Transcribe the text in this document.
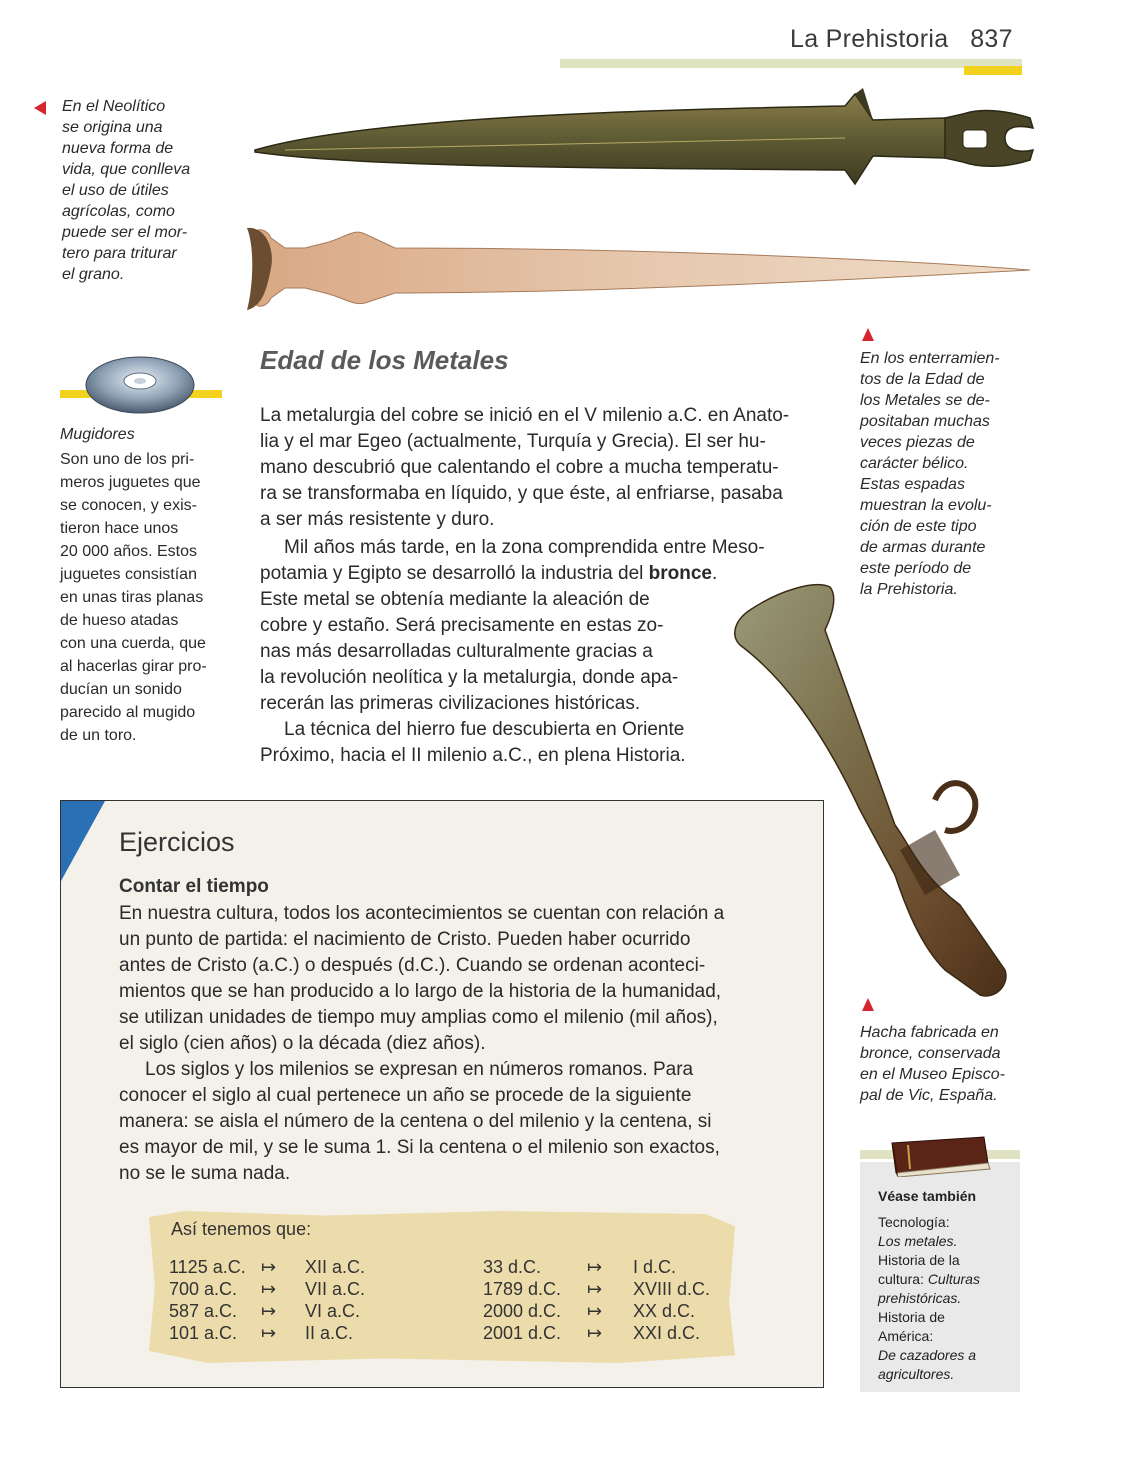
La Prehistoria 837
En el Neolítico
se origina una
nueva forma de
vida, que conlleva
el uso de útiles
agrícolas, como
puede ser el mor-
tero para triturar
el grano.
En los enterramien-
tos de la Edad de
los Metales se de-
positaban muchas
veces piezas de
carácter bélico.
Estas espadas
muestran la evolu-
ción de este tipo
de armas durante
este período de
la Prehistoria.
Mugidores
Son uno de los pri-
meros juguetes que
se conocen, y exis-
tieron hace unos
20 000 años. Estos
juguetes consistían
en unas tiras planas
de hueso atadas
con una cuerda, que
al hacerlas girar pro-
ducían un sonido
parecido al mugido
de un toro.
Edad de los Metales
La metalurgia del cobre se inició en el V milenio a.C. en Anato-
lia y el mar Egeo (actualmente, Turquía y Grecia). El ser hu-
mano descubrió que calentando el cobre a mucha temperatu-
ra se transformaba en líquido, y que éste, al enfriarse, pasaba
a ser más resistente y duro.
Mil años más tarde, en la zona comprendida entre Meso-
potamia y Egipto se desarrolló la industria del bronce.
Este metal se obtenía mediante la aleación de
cobre y estaño. Será precisamente en estas zo-
nas más desarrolladas culturalmente gracias a
la revolución neolítica y la metalurgia, donde apa-
recerán las primeras civilizaciones históricas.
La técnica del hierro fue descubierta en Oriente
Próximo, hacia el II milenio a.C., en plena Historia.
Hacha fabricada en
bronce, conservada
en el Museo Episco-
pal de Vic, España.
Ejercicios
Contar el tiempo
En nuestra cultura, todos los acontecimientos se cuentan con relación a
un punto de partida: el nacimiento de Cristo. Pueden haber ocurrido
antes de Cristo (a.C.) o después (d.C.). Cuando se ordenan aconteci-
mientos que se han producido a lo largo de la historia de la humanidad,
se utilizan unidades de tiempo muy amplias como el milenio (mil años),
el siglo (cien años) o la década (diez años).
Los siglos y los milenios se expresan en números romanos. Para
conocer el siglo al cual pertenece un año se procede de la siguiente
manera: se aisla el número de la centena o del milenio y la centena, si
es mayor de mil, y se le suma 1. Si la centena o el milenio son exactos,
no se le suma nada.
Así tenemos que:
1125 a.C. ↦ XII a.C.
700 a.C. ↦ VII a.C.
587 a.C. ↦ VI a.C.
101 a.C. ↦ II a.C.
33 d.C.	↦ I d.C.
1789 d.C. ↦ XVIII d.C.
2000 d.C. ↦ XX d.C.
2001 d.C. ↦ XXI d.C.
Véase también
Tecnología:
Los metales.
Historia de la
cultura: Culturas
prehistóricas.
Historia de
América:
De cazadores a
agricultores.
